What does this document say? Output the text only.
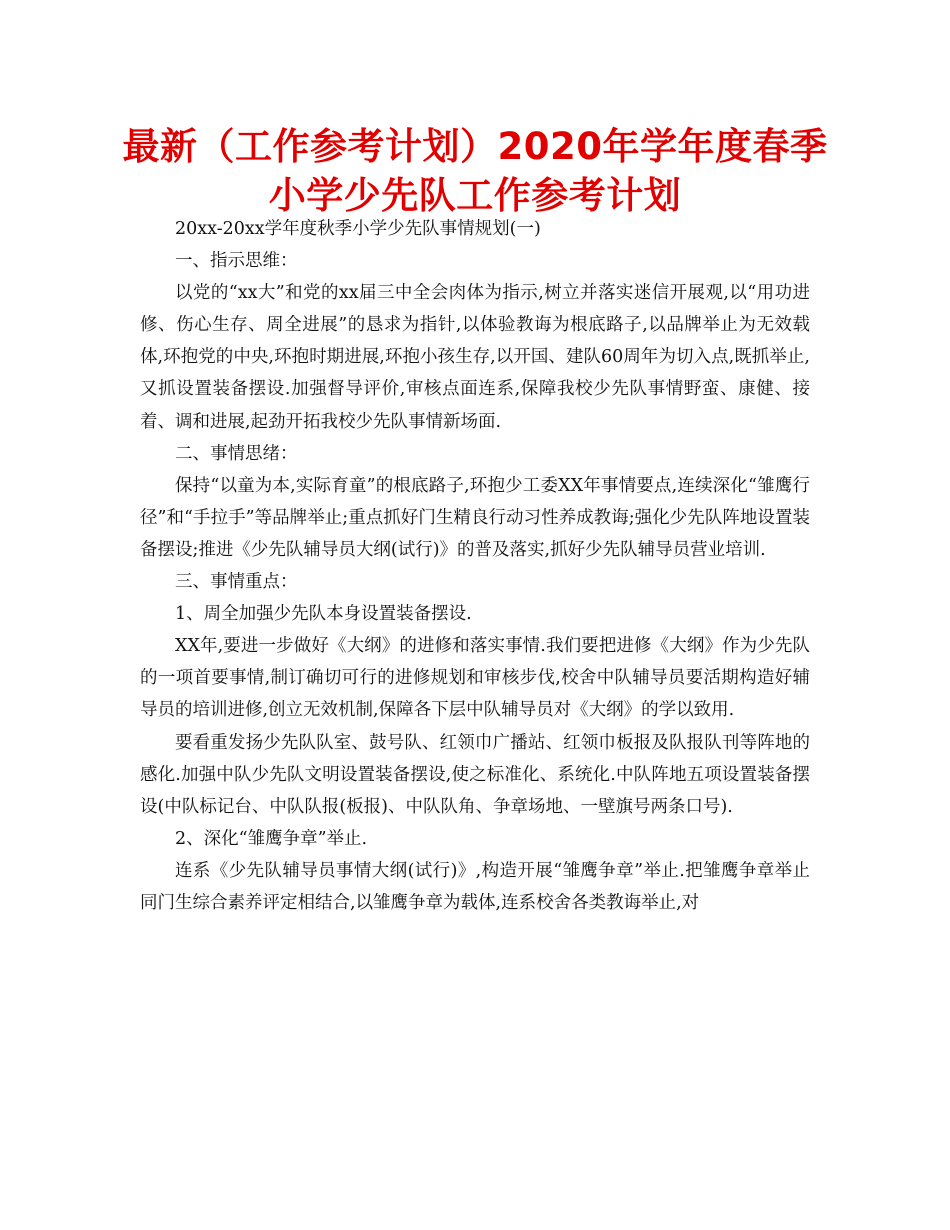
最新（工作参考计划）2020年学年度春季
小学少先队工作参考计划

20xx-20xx学年度秋季小学少先队事情规划(一)

一、指示思维：

以党的“xx大”和党的xx届三中全会肉体为指示,树立并落实迷信开展观,以“用功进修、伤心生存、周全进展”的恳求为指针,以体验教诲为根底路子,以品牌举止为无效载体,环抱党的中央,环抱时期进展,环抱小孩生存,以开国、建队60周年为切入点,既抓举止,又抓设置装备摆设.加强督导评价,审核点面连系,保障我校少先队事情野蛮、康健、接着、调和进展,起劲开拓我校少先队事情新场面.

二、事情思绪：

保持“以童为本,实际育童”的根底路子,环抱少工委XX年事情要点,连续深化“雏鹰行径”和“手拉手”等品牌举止;重点抓好门生精良行动习性养成教诲;强化少先队阵地设置装备摆设;推进《少先队辅导员大纲(试行)》的普及落实,抓好少先队辅导员营业培训.

三、事情重点：

1、周全加强少先队本身设置装备摆设.

XX年,要进一步做好《大纲》的进修和落实事情.我们要把进修《大纲》作为少先队的一项首要事情,制订确切可行的进修规划和审核步伐,校舍中队辅导员要活期构造好辅导员的培训进修,创立无效机制,保障各下层中队辅导员对《大纲》的学以致用.

要看重发扬少先队队室、鼓号队、红领巾广播站、红领巾板报及队报队刊等阵地的感化.加强中队少先队文明设置装备摆设,使之标准化、系统化.中队阵地五项设置装备摆设(中队标记台、中队队报(板报)、中队队角、争章场地、一壁旗号两条口号).

2、深化“雏鹰争章”举止.

连系《少先队辅导员事情大纲(试行)》,构造开展“雏鹰争章”举止.把雏鹰争章举止同门生综合素养评定相结合,以雏鹰争章为载体,连系校舍各类教诲举止,对
